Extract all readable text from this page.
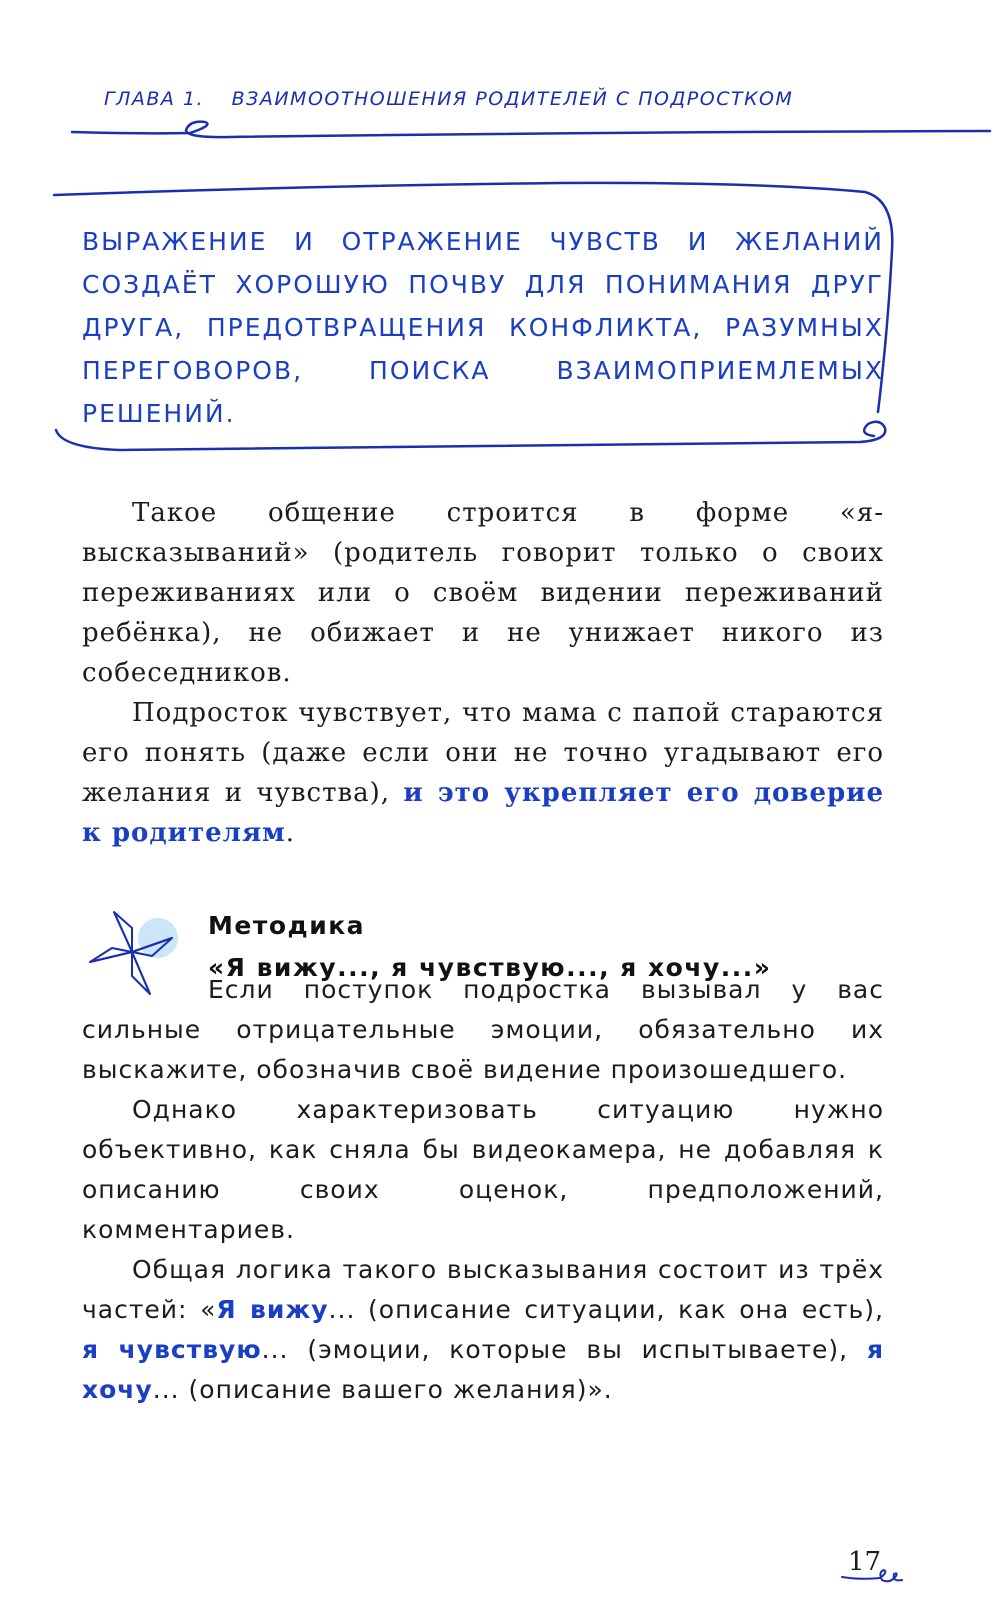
ГЛАВА 1. ВЗАИМООТНОШЕНИЯ РОДИТЕЛЕЙ С ПОДРОСТКОМ
ВЫРАЖЕНИЕ И ОТРАЖЕНИЕ ЧУВСТВ И ЖЕЛАНИЙ СОЗДАЁТ ХОРОШУЮ ПОЧВУ ДЛЯ ПОНИМАНИЯ ДРУГ ДРУГА, ПРЕДОТВРАЩЕНИЯ КОНФЛИКТА, РАЗУМНЫХ ПЕРЕГОВОРОВ, ПОИСКА ВЗАИМОПРИЕМЛЕМЫХ РЕШЕНИЙ.

Такое общение строится в форме «я-высказываний» (родитель говорит только о своих переживаниях или о своём видении переживаний ребёнка), не обижает и не унижает никого из собеседников.

Подросток чувствует, что мама с папой стараются его понять (даже если они не точно угадывают его желания и чувства), и это укрепляет его доверие к родителям.

Методика
«Я вижу..., я чувствую..., я хочу...»

Если поступок подростка вызывал у вас сильные отрицательные эмоции, обязательно их выскажите, обозначив своё видение произошедшего.

Однако характеризовать ситуацию нужно объективно, как сняла бы видеокамера, не добавляя к описанию своих оценок, предположений, комментариев.

Общая логика такого высказывания состоит из трёх частей: «Я вижу... (описание ситуации, как она есть), я чувствую... (эмоции, которые вы испытываете), я хочу... (описание вашего желания)».

17
